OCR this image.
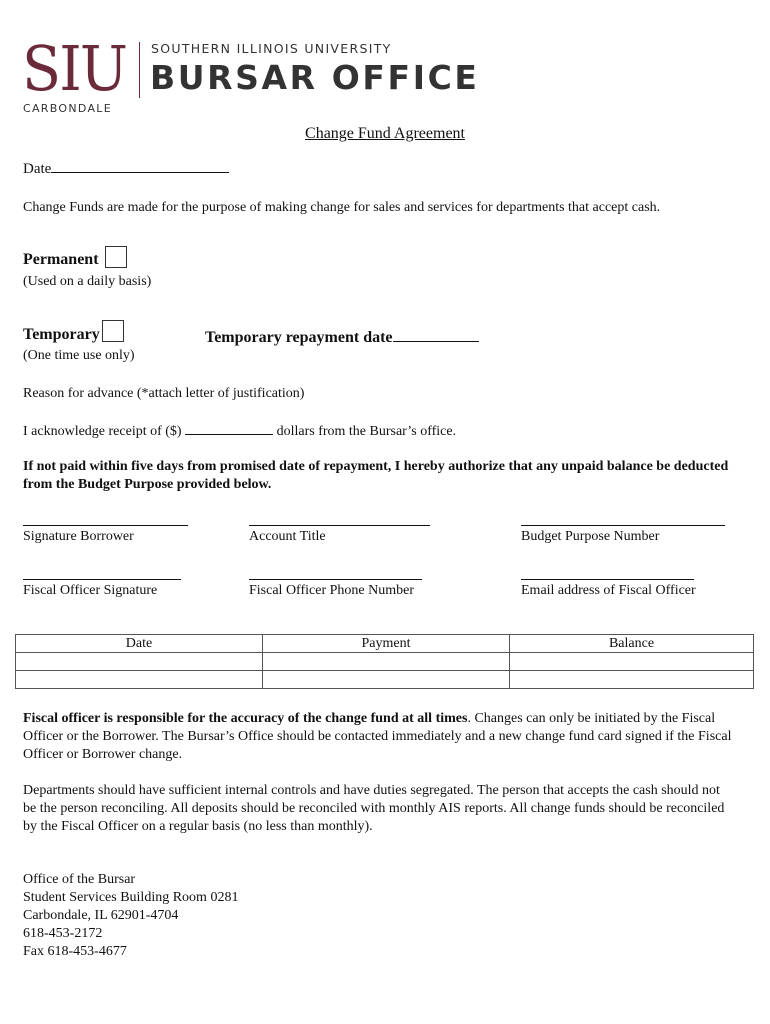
SIU SOUTHERN ILLINOIS UNIVERSITY
BURSAR OFFICE
CARBONDALE
Change Fund Agreement
Date
Change Funds are made for the purpose of making change for sales and services for departments that accept cash.
Permanent
(Used on a daily basis)
Temporary	Temporary repayment date
(One time use only)
Reason for advance (*attach letter of justification)
I acknowledge receipt of ($)	dollars from the Bursar’s office.
If not paid within five days from promised date of repayment, I hereby authorize that any unpaid balance be deducted from the Budget Purpose provided below.
Signature Borrower	Account Title	Budget Purpose Number
Fiscal Officer Signature	Fiscal Officer Phone Number	Email address of Fiscal Officer
Date	Payment	Balance

Fiscal officer is responsible for the accuracy of the change fund at all times. Changes can only be initiated by the Fiscal Officer or the Borrower. The Bursar’s Office should be contacted immediately and a new change fund card signed if the Fiscal Officer or Borrower change.
Departments should have sufficient internal controls and have duties segregated. The person that accepts the cash should not be the person reconciling. All deposits should be reconciled with monthly AIS reports. All change funds should be reconciled by the Fiscal Officer on a regular basis (no less than monthly).
Office of the Bursar
Student Services Building Room 0281
Carbondale, IL 62901-4704
618-453-2172
Fax 618-453-4677
